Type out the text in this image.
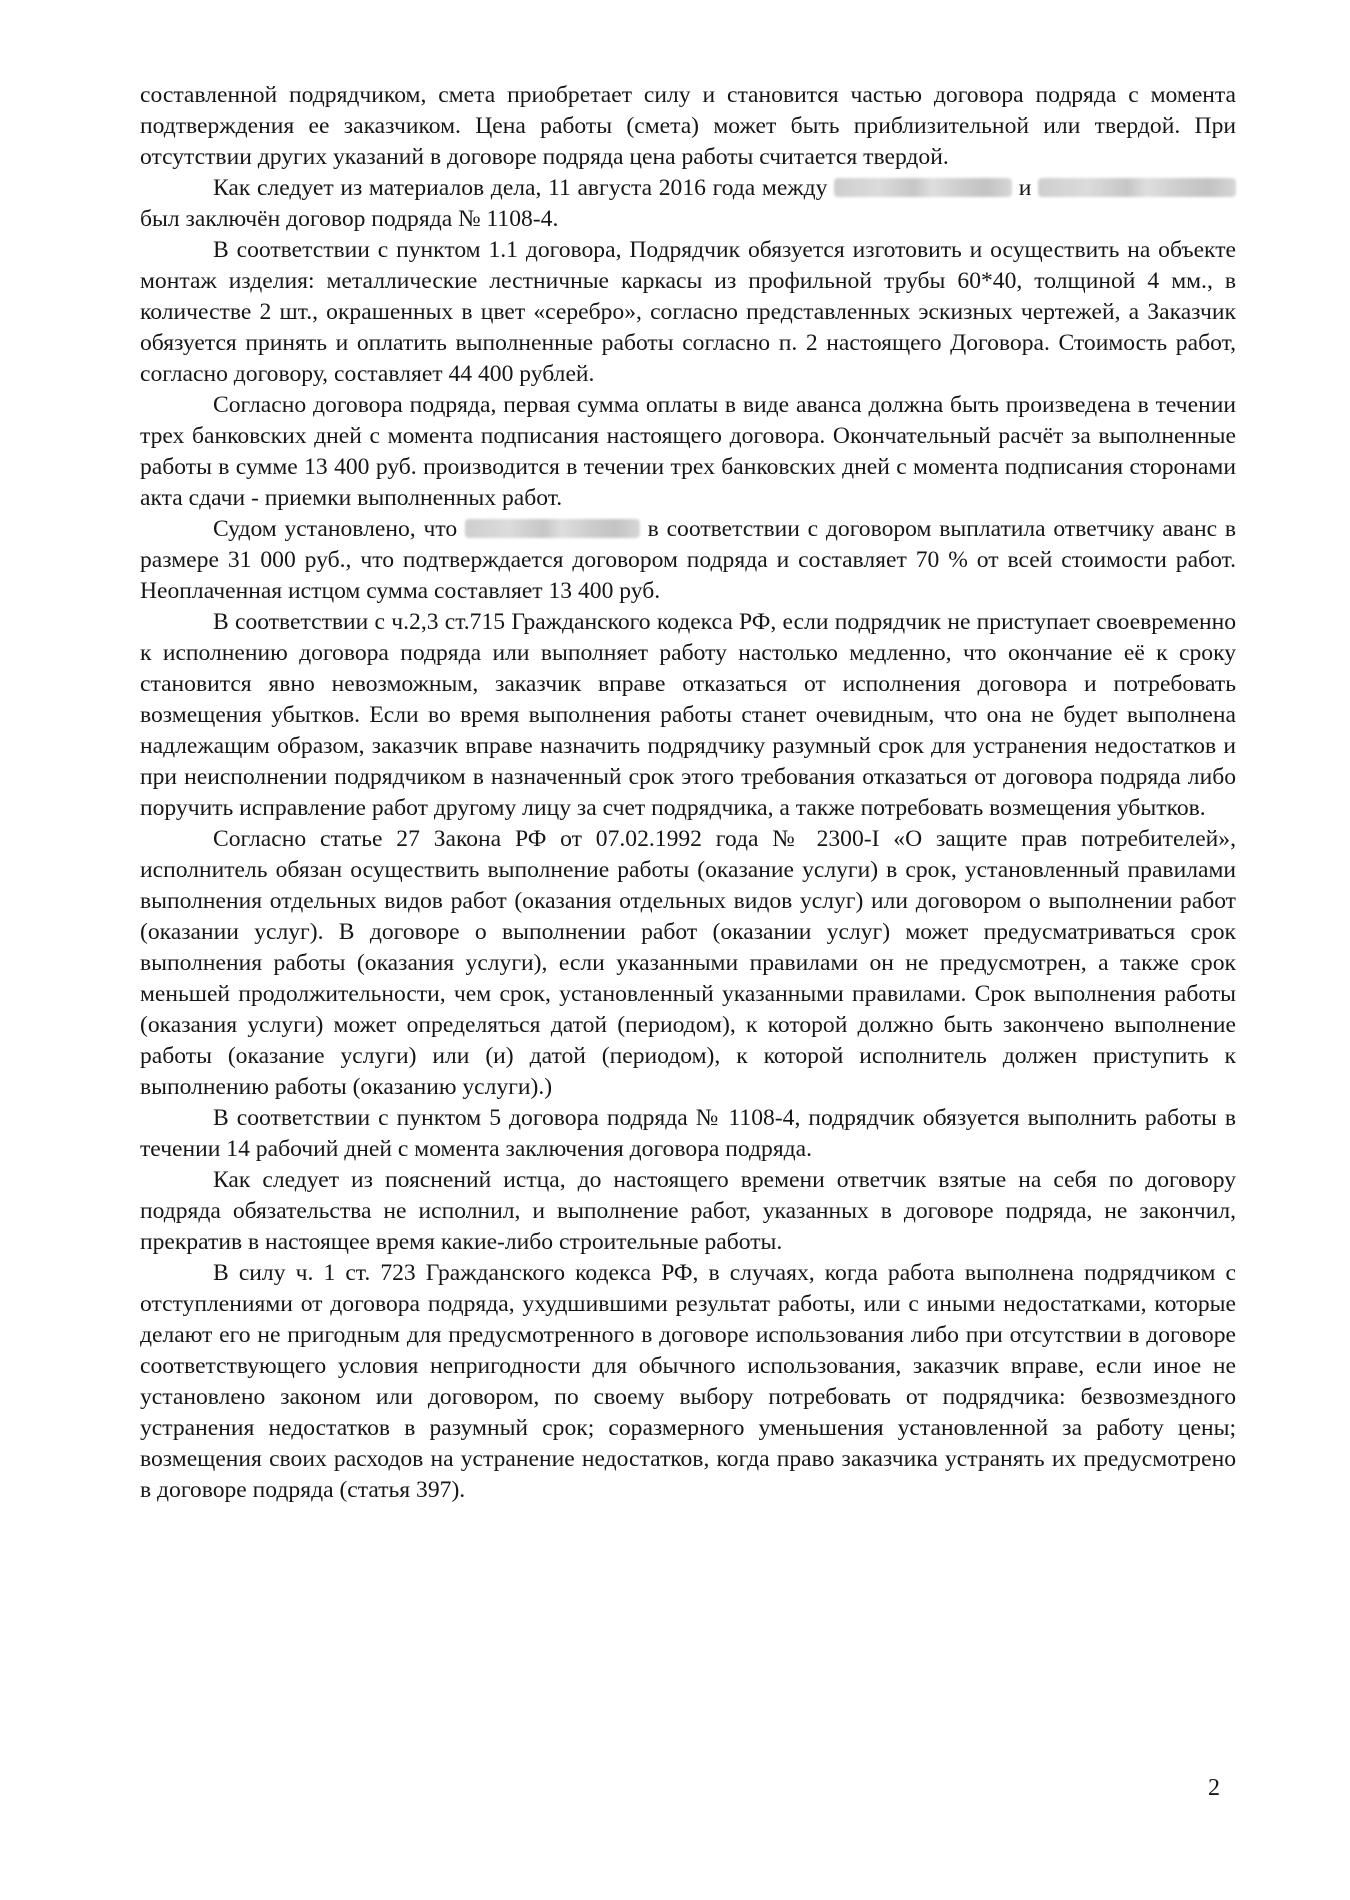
составленной подрядчиком, смета приобретает силу и становится частью договора подряда с момента подтверждения ее заказчиком. Цена работы (смета) может быть приблизительной или твердой. При отсутствии других указаний в договоре подряда цена работы считается твердой.

Как следует из материалов дела, 11 августа 2016 года между	и  был заключён договор подряда № 1108-4.

В соответствии с пунктом 1.1 договора, Подрядчик обязуется изготовить и осуществить на объекте монтаж изделия: металлические лестничные каркасы из профильной трубы 60*40, толщиной 4 мм., в количестве 2 шт., окрашенных в цвет «серебро», согласно представленных эскизных чертежей, а Заказчик обязуется принять и оплатить выполненные работы согласно п. 2 настоящего Договора. Стоимость работ, согласно договору, составляет 44 400 рублей.

Согласно договора подряда, первая сумма оплаты в виде аванса должна быть произведена в течении трех банковских дней с момента подписания настоящего договора. Окончательный расчёт за выполненные работы в сумме 13 400 руб. производится в течении трех банковских дней с момента подписания сторонами акта сдачи - приемки выполненных работ.

Судом установлено, что	в соответствии с договором выплатила ответчику аванс в размере 31 000 руб., что подтверждается договором подряда и составляет 70 % от всей стоимости работ. Неоплаченная истцом сумма составляет 13 400 руб.

В соответствии с ч.2,3 ст.715 Гражданского кодекса РФ, если подрядчик не приступает своевременно к исполнению договора подряда или выполняет работу настолько медленно, что окончание её к сроку становится явно невозможным, заказчик вправе отказаться от исполнения договора и потребовать возмещения убытков. Если во время выполнения работы станет очевидным, что она не будет выполнена надлежащим образом, заказчик вправе назначить подрядчику разумный срок для устранения недостатков и при неисполнении подрядчиком в назначенный срок этого требования отказаться от договора подряда либо поручить исправление работ другому лицу за счет подрядчика, а также потребовать возмещения убытков.

Согласно статье 27 Закона РФ от 07.02.1992 года № 2300-I «О защите прав потребителей», исполнитель обязан осуществить выполнение работы (оказание услуги) в срок, установленный правилами выполнения отдельных видов работ (оказания отдельных видов услуг) или договором о выполнении работ (оказании услуг). В договоре о выполнении работ (оказании услуг) может предусматриваться срок выполнения работы (оказания услуги), если указанными правилами он не предусмотрен, а также срок меньшей продолжительности, чем срок, установленный указанными правилами. Срок выполнения работы (оказания услуги) может определяться датой (периодом), к которой должно быть закончено выполнение работы (оказание услуги) или (и) датой (периодом), к которой исполнитель должен приступить к выполнению работы (оказанию услуги).)

В соответствии с пунктом 5 договора подряда № 1108-4, подрядчик обязуется выполнить работы в течении 14 рабочий дней с момента заключения договора подряда.

Как следует из пояснений истца, до настоящего времени ответчик взятые на себя по договору подряда обязательства не исполнил, и выполнение работ, указанных в договоре подряда, не закончил, прекратив в настоящее время какие-либо строительные работы.

В силу ч. 1 ст. 723 Гражданского кодекса РФ, в случаях, когда работа выполнена подрядчиком с отступлениями от договора подряда, ухудшившими результат работы, или с иными недостатками, которые делают его не пригодным для предусмотренного в договоре использования либо при отсутствии в договоре соответствующего условия непригодности для обычного использования, заказчик вправе, если иное не установлено законом или договором, по своему выбору потребовать от подрядчика: безвозмездного устранения недостатков в разумный срок; соразмерного уменьшения установленной за работу цены; возмещения своих расходов на устранение недостатков, когда право заказчика устранять их предусмотрено в договоре подряда (статья 397).

2
